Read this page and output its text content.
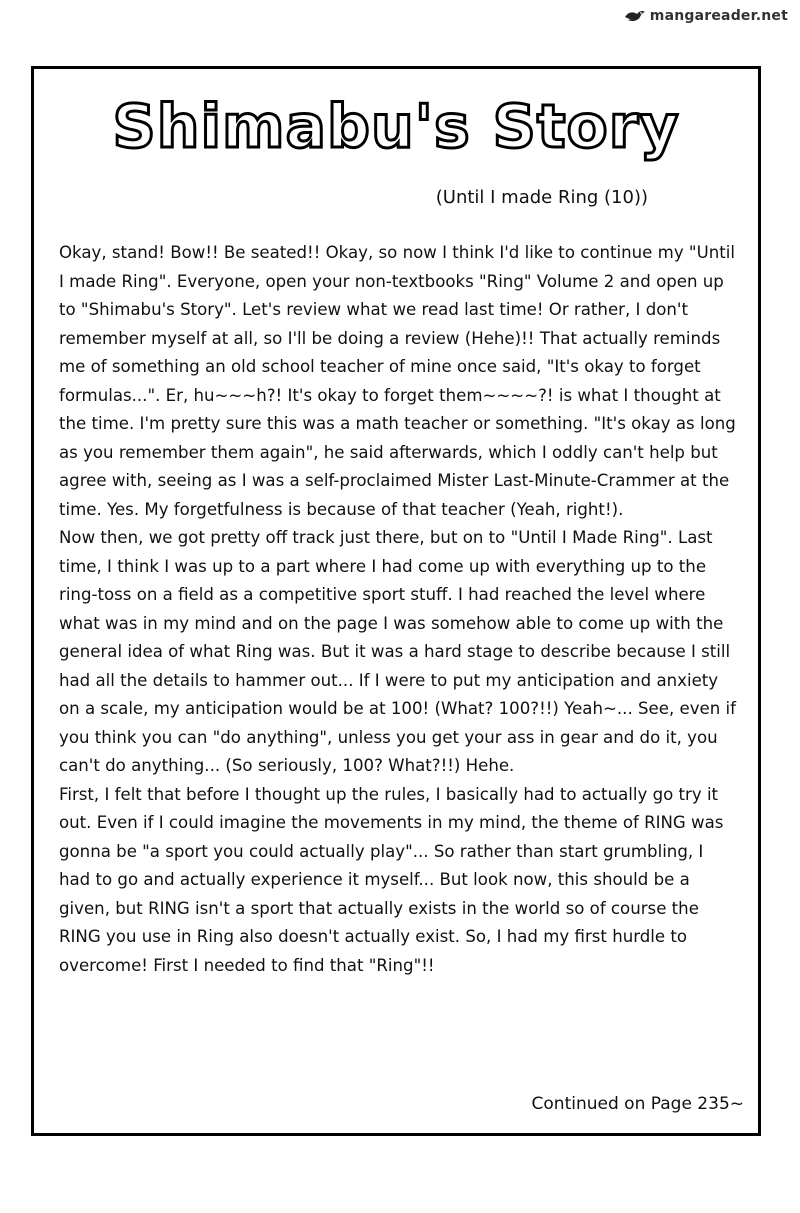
mangareader.net
Shimabu's Story
(Until I made Ring (10))

Okay, stand! Bow!! Be seated!! Okay, so now I think I'd like to continue my "Until I made Ring". Everyone, open your non-textbooks "Ring" Volume 2 and open up to "Shimabu's Story". Let's review what we read last time! Or rather, I don't remember myself at all, so I'll be doing a review (Hehe)!! That actually reminds me of something an old school teacher of mine once said, "It's okay to forget formulas...". Er, hu~~~h?! It's okay to forget them~~~~?! is what I thought at the time. I'm pretty sure this was a math teacher or something. "It's okay as long as you remember them again", he said afterwards, which I oddly can't help but agree with, seeing as I was a self-proclaimed Mister Last-Minute-Crammer at the time. Yes. My forgetfulness is because of that teacher (Yeah, right!).

Now then, we got pretty off track just there, but on to "Until I Made Ring". Last time, I think I was up to a part where I had come up with everything up to the ring-toss on a field as a competitive sport stuff. I had reached the level where what was in my mind and on the page I was somehow able to come up with the general idea of what Ring was. But it was a hard stage to describe because I still had all the details to hammer out... If I were to put my anticipation and anxiety on a scale, my anticipation would be at 100! (What? 100?!!) Yeah~... See, even if you think you can "do anything", unless you get your ass in gear and do it, you can't do anything... (So seriously, 100? What?!!) Hehe.

First, I felt that before I thought up the rules, I basically had to actually go try it out. Even if I could imagine the movements in my mind, the theme of RING was gonna be "a sport you could actually play"... So rather than start grumbling, I had to go and actually experience it myself... But look now, this should be a given, but RING isn't a sport that actually exists in the world so of course the RING you use in Ring also doesn't actually exist. So, I had my first hurdle to overcome! First I needed to find that "Ring"!!

Continued on Page 235~
